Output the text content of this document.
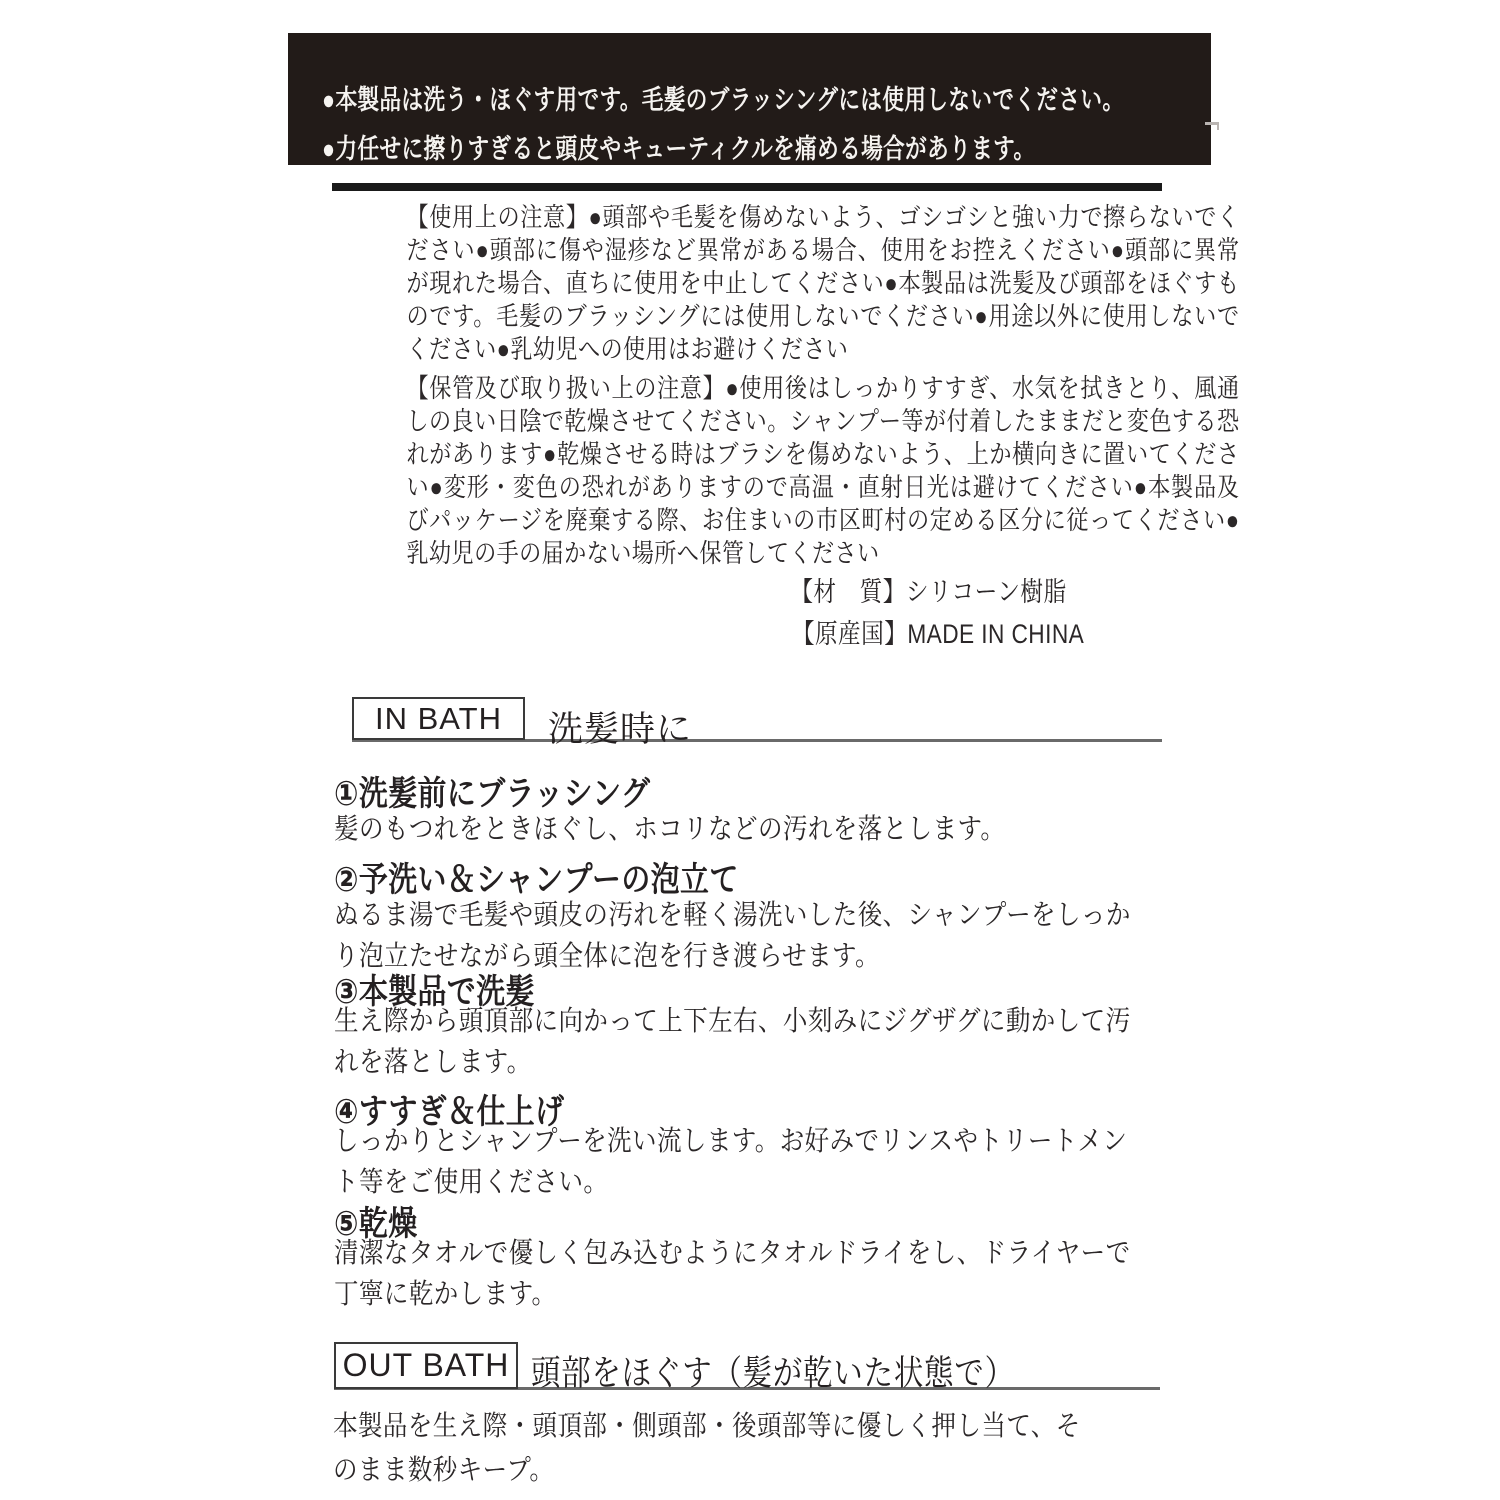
●本製品は洗う・ほぐす用です。毛髪のブラッシングには使用しないでください。
●力任せに擦りすぎると頭皮やキューティクルを痛める場合があります。
【使用上の注意】●頭部や毛髪を傷めないよう、ゴシゴシと強い力で擦らないでください●頭部に傷や湿疹など異常がある場合、使用をお控えください●頭部に異常が現れた場合、直ちに使用を中止してください●本製品は洗髪及び頭部をほぐすものです。毛髪のブラッシングには使用しないでください●用途以外に使用しないでください●乳幼児への使用はお避けください
【保管及び取り扱い上の注意】●使用後はしっかりすすぎ、水気を拭きとり、風通しの良い日陰で乾燥させてください。シャンプー等が付着したままだと変色する恐れがあります●乾燥させる時はブラシを傷めないよう、上か横向きに置いてください●変形・変色の恐れがありますので高温・直射日光は避けてください●本製品及びパッケージを廃棄する際、お住まいの市区町村の定める区分に従ってください●乳幼児の手の届かない場所へ保管してください
【材　質】シリコーン樹脂
【原産国】MADE IN CHINA
IN BATH 洗髪時に
①洗髪前にブラッシング
髪のもつれをときほぐし、ホコリなどの汚れを落とします。
②予洗い＆シャンプーの泡立て
ぬるま湯で毛髪や頭皮の汚れを軽く湯洗いした後、シャンプーをしっかり泡立たせながら頭全体に泡を行き渡らせます。
③本製品で洗髪
生え際から頭頂部に向かって上下左右、小刻みにジグザグに動かして汚れを落とします。
④すすぎ＆仕上げ
しっかりとシャンプーを洗い流します。お好みでリンスやトリートメント等をご使用ください。
⑤乾燥
清潔なタオルで優しく包み込むようにタオルドライをし、ドライヤーで丁寧に乾かします。
OUT BATH 頭部をほぐす（髪が乾いた状態で）
本製品を生え際・頭頂部・側頭部・後頭部等に優しく押し当て、そのまま数秒キープ。
